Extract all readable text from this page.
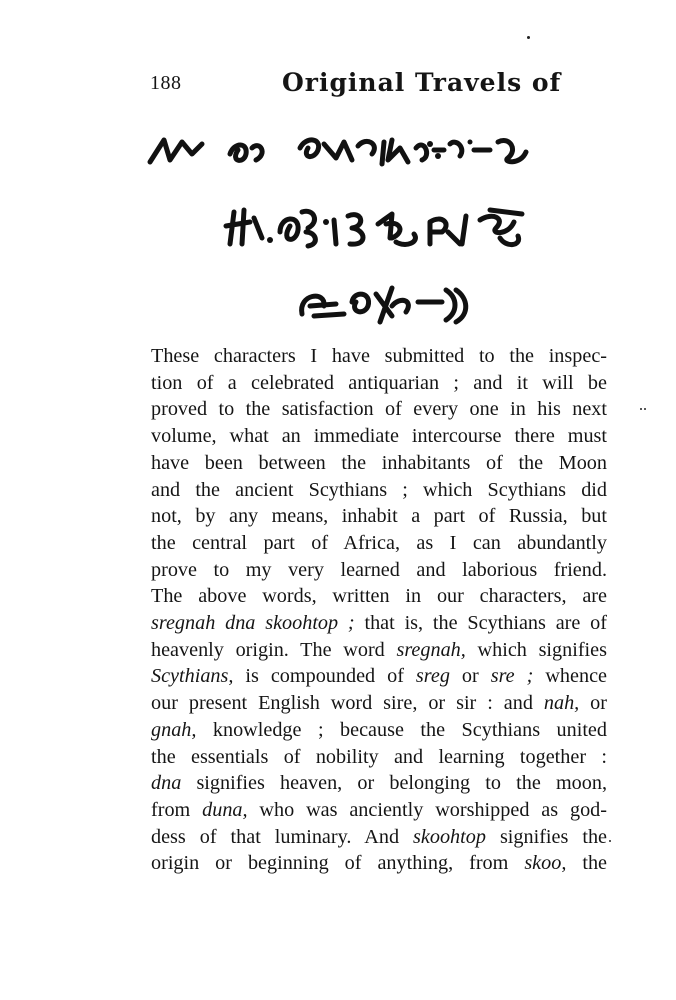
188	Original Travels of
These characters I have submitted to the inspec-
tion of a celebrated antiquarian ; and it will be
proved to the satisfaction of every one in his next
volume, what an immediate intercourse there must
have been between the inhabitants of the Moon
and the ancient Scythians ; which Scythians did
not, by any means, inhabit a part of Russia, but
the central part of Africa, as I can abundantly
prove to my very learned and laborious friend.
The above words, written in our characters, are
sregnah dna skoohtop ; that is, the Scythians are of
heavenly origin. The word sregnah, which signifies
Scythians, is compounded of sreg or sre ; whence
our present English word sire, or sir : and nah, or
gnah, knowledge ; because the Scythians united
the essentials of nobility and learning together :
dna signifies heaven, or belonging to the moon,
from duna, who was anciently worshipped as god-
dess of that luminary. And skoohtop signifies the
origin or beginning of anything, from skoo, the
